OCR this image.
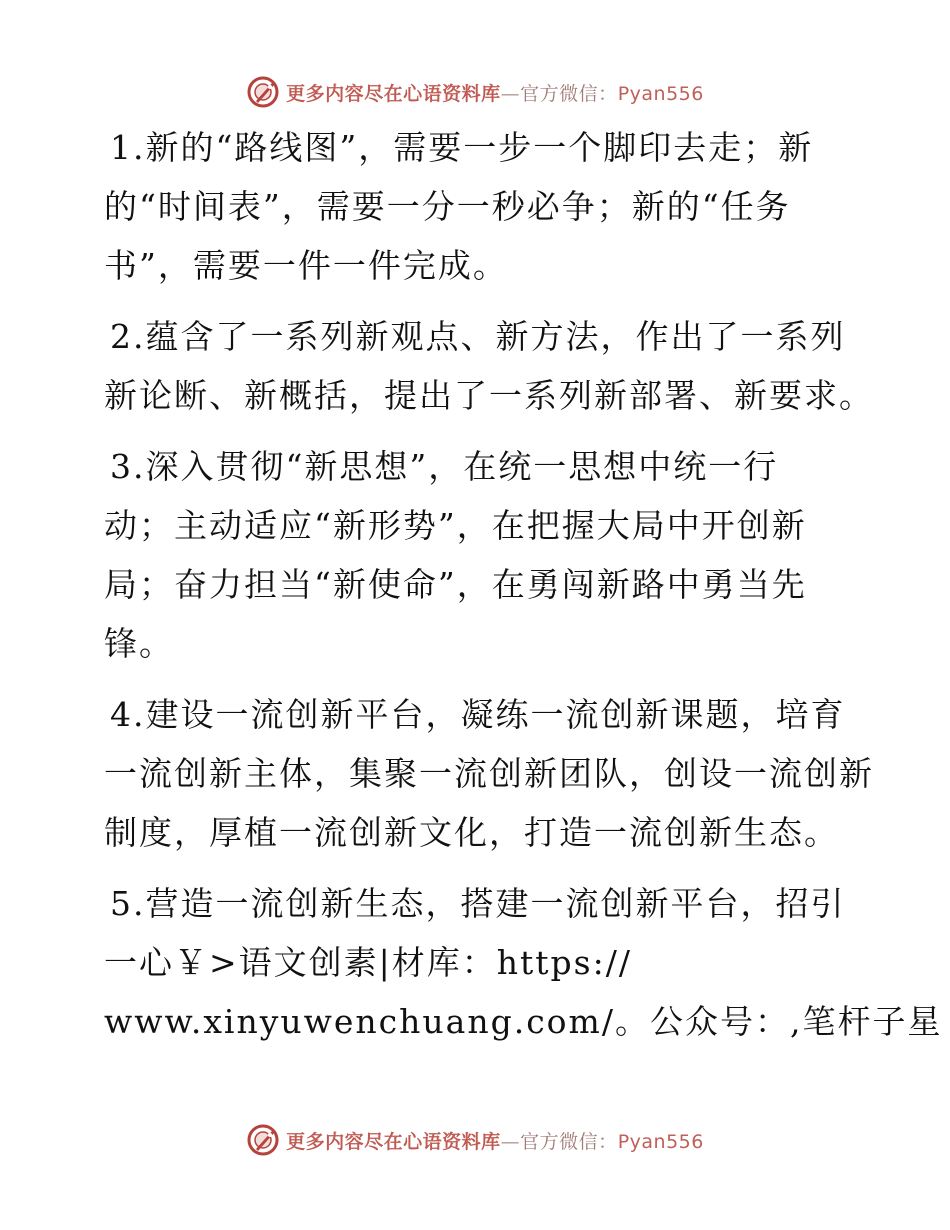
更多内容尽在心语资料库—官方微信：Pyan556

1.新的“路线图”，需要一步一个脚印去走；新
的“时间表”，需要一分一秒必争；新的“任务
书”，需要一件一件完成。

2.蕴含了一系列新观点、新方法，作出了一系列
新论断、新概括，提出了一系列新部署、新要求。

3.深入贯彻“新思想”，在统一思想中统一行
动；主动适应“新形势”，在把握大局中开创新
局；奋力担当“新使命”，在勇闯新路中勇当先
锋。

4.建设一流创新平台，凝练一流创新课题，培育
一流创新主体，集聚一流创新团队，创设一流创新
制度，厚植一流创新文化，打造一流创新生态。

5.营造一流创新生态，搭建一流创新平台，招引
一心￥>语文创素|材库：https://
www.xinyuwenchuang.com/。公众号：,笔杆子星

更多内容尽在心语资料库—官方微信：Pyan556
